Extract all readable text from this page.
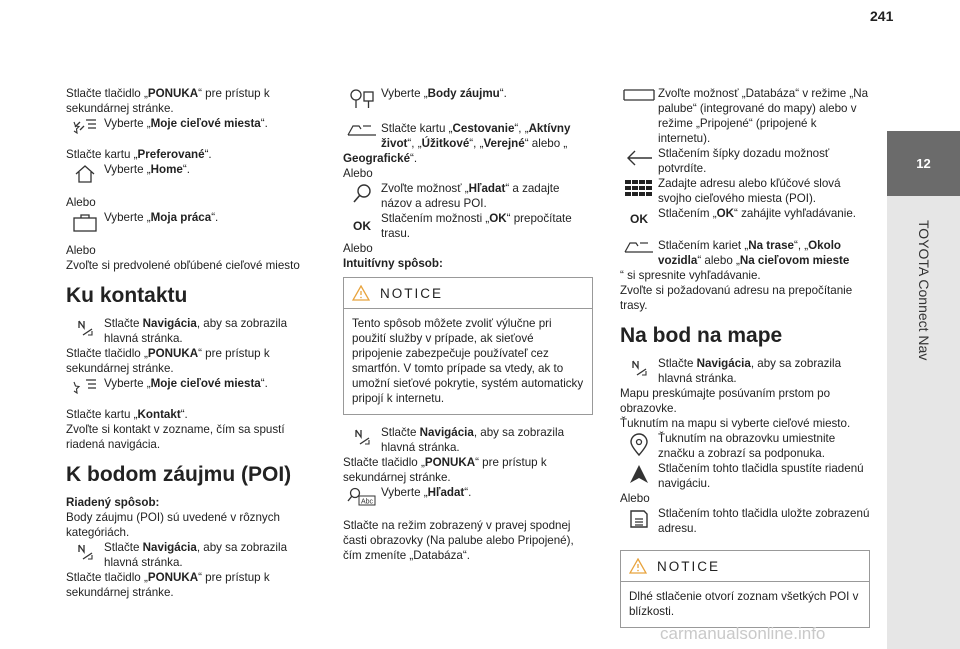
241

Stlačte tlačidlo „PONUKA“ pre prístup k sekundárnej stránke.

Vyberte „Moje cieľové miesta“.

Stlačte kartu „Preferované“.

Vyberte „Home“.

Alebo

Vyberte „Moja práca“.

Alebo

Zvoľte si predvolené obľúbené cieľové miesto

Ku kontaktu
Stlačte Navigácia, aby sa zobrazila hlavná stránka.

Stlačte tlačidlo „PONUKA“ pre prístup k sekundárnej stránke.

Vyberte „Moje cieľové miesta“.

Stlačte kartu „Kontakt“.

Zvoľte si kontakt v zozname, čím sa spustí riadená navigácia.

K bodom záujmu (POI)

Riadený spôsob:

Body záujmu (POI) sú uvedené v rôznych kategóriách.

Stlačte Navigácia, aby sa zobrazila hlavná stránka.

Stlačte tlačidlo „PONUKA“ pre prístup k sekundárnej stránke.

Vyberte „Body záujmu“.
Stlačte kartu „Cestovanie“, „Aktívny život“, „Úžitkové“, „Verejné“ alebo „

Geografické“.

Alebo

Zvoľte možnosť „Hľadat“ a zadajte názov a adresu POI.
OK
Stlačením možnosti „OK“ prepočítate trasu.

Alebo

Intuitívny spôsob:

NOTICE
Tento spôsob môžete zvoliť výlučne pri použití služby v prípade, ak sieťové pripojenie zabezpečuje používateľ cez smartfón. V tomto prípade sa vtedy, ak to umožní sieťové pokrytie, systém automaticky pripojí k internetu.
Stlačte Navigácia, aby sa zobrazila hlavná stránka.

Stlačte tlačidlo „PONUKA“ pre prístup k sekundárnej stránke.

Abc
Vyberte „Hľadat“.

Stlačte na režim zobrazený v pravej spodnej časti obrazovky (Na palube alebo Pripojené), čím zmeníte „Databáza“.

Zvoľte možnosť „Databáza“ v režime „Na palube“ (integrované do mapy) alebo v režime „Pripojené“ (pripojené k internetu).
Stlačením šípky dozadu možnosť potvrdíte.
Zadajte adresu alebo kľúčové slová svojho cieľového miesta (POI).
OK Stlačením „OK“ zahájite vyhľadávanie.
Stlačením kariet „Na trase“, „Okolo vozidla“ alebo „Na cieľovom mieste

“ si spresnite vyhľadávanie.

Zvoľte si požadovanú adresu na prepočítanie trasy.

Na bod na mape
Stlačte Navigácia, aby sa zobrazila hlavná stránka.

Mapu preskúmajte posúvaním prstom po obrazovke.

Ťuknutím na mapu si vyberte cieľové miesto.

Ťuknutím na obrazovku umiestnite značku a zobrazí sa podponuka.
Stlačením tohto tlačidla spustíte riadenú navigáciu.

Alebo

Stlačením tohto tlačidla uložte zobrazenú adresu.
NOTICE
Dlhé stlačenie otvorí zoznam všetkých POI v blízkosti.
12
TOYOTA Connect Nav
carmanualsonline.info
